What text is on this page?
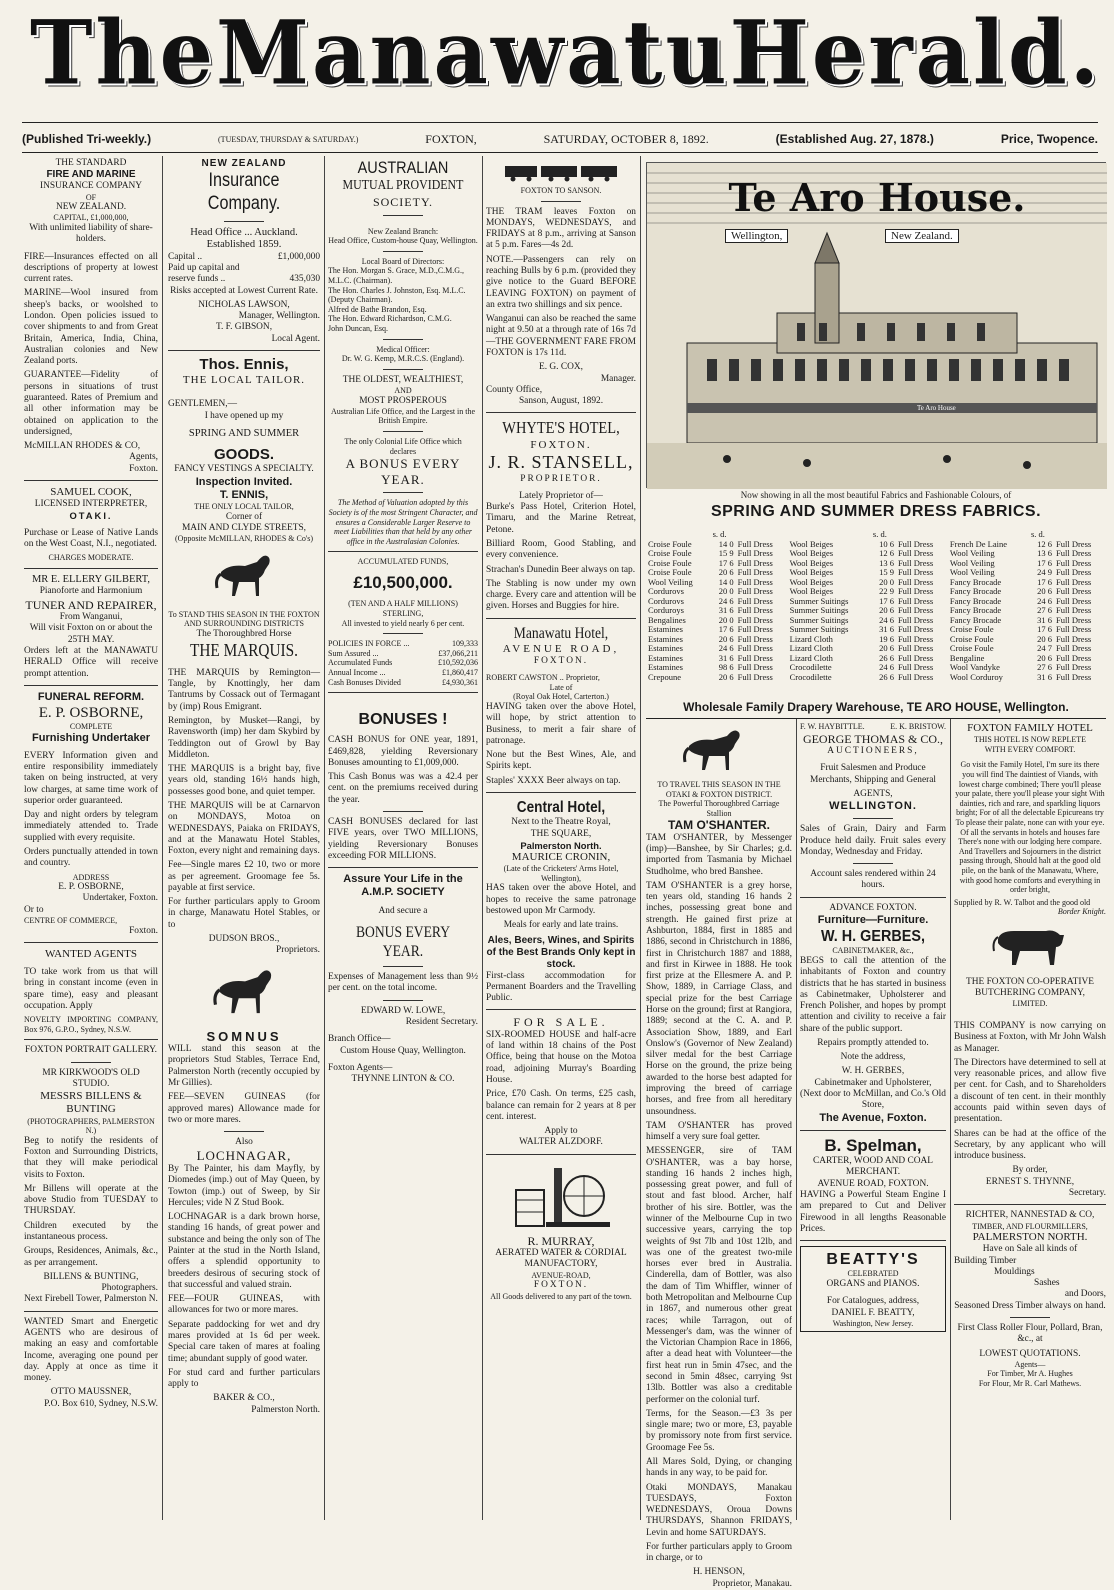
The Manawatu Herald.
(Published Tri-weekly.)	(TUESDAY, THURSDAY & SATURDAY.)	FOXTON,	SATURDAY, OCTOBER 8, 1892.	(Established Aug. 27, 1878.)	Price, Twopence.
THE STANDARD
FIRE AND MARINE
INSURANCE COMPANY
OF
NEW ZEALAND.
CAPITAL, £1,000,000,
With unlimited liability of share-holders.

FIRE—Insurances effected on all descriptions of property at lowest current rates.

MARINE—Wool insured from sheep's backs, or woolshed to London. Open policies issued to cover shipments to and from Great Britain, America, India, China, Australian colonies and New Zealand ports.

GUARANTEE—Fidelity of persons in situations of trust guaranteed. Rates of Premium and all other information may be obtained on application to the undersigned,

McMILLAN RHODES & CO,
Agents,
Foxton.
SAMUEL COOK,
LICENSED INTERPRETER,
OTAKI.

Purchase or Lease of Native Lands on the West Coast, N.I., negotiated.

CHARGES MODERATE.
MR E. ELLERY GILBERT,
Pianoforte and Harmonium
TUNER AND REPAIRER,
From Wanganui,
Will visit Foxton on or about the
25TH MAY.

Orders left at the MANAWATU HERALD Office will receive prompt attention.

FUNERAL REFORM.
E. P. OSBORNE,
COMPLETE
Furnishing Undertaker

EVERY Information given and entire responsibility immediately taken on being instructed, at very low charges, at same time work of superior order guaranteed.

Day and night orders by telegram immediately attended to. Trade supplied with every requisite.

Orders punctually attended in town and country.

ADDRESS
E. P. OSBORNE,
Undertaker, Foxton.
Or to
CENTRE OF COMMERCE,
Foxton.
WANTED AGENTS

TO take work from us that will bring in constant income (even in spare time), easy and pleasant occupation. Apply

NOVELTY IMPORTING COMPANY, Box 976, G.P.O., Sydney, N.S.W.

FOXTON PORTRAIT GALLERY.
MR KIRKWOOD'S OLD STUDIO.
MESSRS BILLENS & BUNTING
(PHOTOGRAPHERS, PALMERSTON N.)

Beg to notify the residents of Foxton and Surrounding Districts, that they will make periodical visits to Foxton.

Mr Billens will operate at the above Studio from TUESDAY to THURSDAY.

Children executed by the instantaneous process.

Groups, Residences, Animals, &c., as per arrangement.

BILLENS & BUNTING,
Photographers.
Next Firebell Tower, Palmerston N.

WANTED Smart and Energetic AGENTS who are desirous of making an easy and comfortable Income, averaging one pound per day. Apply at once as time it money.

OTTO MAUSSNER,
P.O. Box 610, Sydney, N.S.W.
NEW ZEALAND
Insurance Company.
Head Office ... Auckland.
Established 1859.
Capital ..	£1,000,000
Paid up capital and reserve funds ..	435,030

Risks accepted at Lowest Current Rate.

NICHOLAS LAWSON,
Manager, Wellington.
T. F. GIBSON,
Local Agent.
Thos. Ennis,
THE LOCAL TAILOR.
GENTLEMEN,—
I have opened up my
SPRING AND SUMMER
GOODS.
FANCY VESTINGS A SPECIALTY.
Inspection Invited.
T. ENNIS,
THE ONLY LOCAL TAILOR,
Corner of
MAIN AND CLYDE STREETS,
(Opposite McMILLAN, RHODES & Co's)
To STAND THIS SEASON IN THE FOXTON AND SURROUNDING DISTRICTS
The Thoroughbred Horse
THE MARQUIS.

THE MARQUIS by Remington—Tangle, by Knottingly, her dam Tantrums by Cossack out of Termagant by (imp) Rous Emigrant.

Remington, by Musket—Rangi, by Ravensworth (imp) her dam Skybird by Teddington out of Growl by Bay Middleton.

THE MARQUIS is a bright bay, five years old, standing 16½ hands high, possesses good bone, and quiet temper.

THE MARQUIS will be at Carnarvon on MONDAYS, Motoa on WEDNESDAYS, Paiaka on FRIDAYS, and at the Manawatu Hotel Stables, Foxton, every night and remaining days.

Fee—Single mares £2 10, two or more as per agreement. Groomage fee 5s. payable at first service.

For further particulars apply to Groom in charge, Manawatu Hotel Stables, or to

DUDSON BROS.,
Proprietors.
SOMNUS

WILL stand this season at the proprietors Stud Stables, Terrace End, Palmerston North (recently occupied by Mr Gillies).

FEE—SEVEN GUINEAS (for approved mares) Allowance made for two or more mares.

Also
LOCHNAGAR,

By The Painter, his dam Mayfly, by Diomedes (imp.) out of May Queen, by Towton (imp.) out of Sweep, by Sir Hercules; vide N Z Stud Book.

LOCHNAGAR is a dark brown horse, standing 16 hands, of great power and substance and being the only son of The Painter at the stud in the North Island, offers a splendid opportunity to breeders desirous of securing stock of that successful and valued strain.

FEE—FOUR GUINEAS, with allowances for two or more mares.

Separate paddocking for wet and dry mares provided at 1s 6d per week. Special care taken of mares at foaling time; abundant supply of good water.

For stud card and further particulars apply to

BAKER & CO.,
Palmerston North.
AUSTRALIAN
MUTUAL PROVIDENT
SOCIETY.
New Zealand Branch:
Head Office, Custom-house Quay, Wellington.
Local Board of Directors:
The Hon. Morgan S. Grace, M.D.,C.M.G., M.L.C. (Chairman).
The Hon. Charles J. Johnston, Esq. M.L.C. (Deputy Chairman).
Alfred de Bathe Brandon, Esq.
The Hon. Edward Richardson, C.M.G.
John Duncan, Esq.
Medical Officer:
Dr. W. G. Kemp, M.R.C.S. (England).
THE OLDEST, WEALTHIEST,
AND
MOST PROSPEROUS
Australian Life Office, and the Largest in the British Empire.
The only Colonial Life Office which
declares
A BONUS EVERY
YEAR.

The Method of Valuation adopted by this Society is of the most Stringent Character, and ensures a Considerable Larger Reserve to meet Liabilities than that held by any other office in the Australasian Colonies.

ACCUMULATED FUNDS,
£10,500,000.
(TEN AND A HALF MILLIONS)
STERLING,
All invested to yield nearly 6 per cent.
POLICIES IN FORCE ...	109,333
Sum Assured ...	£37,066,211
Accumulated Funds	£10,592,036
Annual Income ...	£1,860,417
Cash Bonuses Divided	£4,930,361
BONUSES !

CASH BONUS for ONE year, 1891, £469,828, yielding Reversionary Bonuses amounting to £1,009,000.

This Cash Bonus was was a 42.4 per cent. on the premiums received during the year.

CASH BONUSES declared for last FIVE years, over TWO MILLIONS, yielding Reversionary Bonuses exceeding FOR MILLIONS.

Assure Your Life in the
A.M.P. SOCIETY
And secure a
BONUS EVERY YEAR.

Expenses of Management less than 9½ per cent. on the total income.

EDWARD W. LOWE,
Resident Secretary.
Branch Office—
Custom House Quay, Wellington.
Foxton Agents—
THYNNE LINTON & CO.
FOXTON TO SANSON.

THE TRAM leaves Foxton on MONDAYS, WEDNESDAYS, and FRIDAYS at 8 p.m., arriving at Sanson at 5 p.m. Fares—4s 2d.

NOTE.—Passengers can rely on reaching Bulls by 6 p.m. (provided they give notice to the Guard BEFORE LEAVING FOXTON) on payment of an extra two shillings and six pence.

Wanganui can also be reached the same night at 9.50 at a through rate of 16s 7d—THE GOVERNMENT FARE FROM FOXTON is 17s 11d.

E. G. COX,
Manager.
County Office,
Sanson, August, 1892.
WHYTE'S HOTEL,
FOXTON.
J. R. STANSELL,
PROPRIETOR.
Lately Proprietor of—

Burke's Pass Hotel, Criterion Hotel, Timaru, and the Marine Retreat, Petone.

Billiard Room, Good Stabling, and every convenience.

Strachan's Dunedin Beer always on tap.

The Stabling is now under my own charge. Every care and attention will be given. Horses and Buggies for hire.

Manawatu Hotel,
AVENUE ROAD,
FOXTON.
ROBERT CAWSTON .. Proprietor,
Late of
(Royal Oak Hotel, Carterton.)

HAVING taken over the above Hotel, will hope, by strict attention to Business, to merit a fair share of patronage.

None but the Best Wines, Ale, and Spirits kept.

Staples' XXXX Beer always on tap.

Central Hotel,
Next to the Theatre Royal,
THE SQUARE,
Palmerston North.
MAURICE CRONIN,
(Late of the Cricketers' Arms Hotel, Wellington),

HAS taken over the above Hotel, and hopes to receive the same patronage bestowed upon Mr Carmody.

Meals for early and late trains.

Ales, Beers, Wines, and Spirits of the Best Brands Only kept in stock.

First-class accommodation for Permanent Boarders and the Travelling Public.

FOR SALE.

SIX-ROOMED HOUSE and half-acre of land within 18 chains of the Post Office, being that house on the Motoa road, adjoining Murray's Boarding House.

Price, £70 Cash. On terms, £25 cash, balance can remain for 2 years at 8 per cent. interest.

Apply to
WALTER ALZDORF.
R. MURRAY,
AERATED WATER & CORDIAL MANUFACTORY,
AVENUE-ROAD,
FOXTON.
All Goods delivered to any part of the town.
Te Aro House.
Wellington,	New Zealand.
Te Aro House
Now showing in all the most beautiful Fabrics and Fashionable Colours, of
SPRING AND SUMMER DRESS FABRICS.
	s. d.			s. d.			s. d.	
Croise Foule	14 0	Full Dress	Wool Beiges	10 6	Full Dress	French De Laine	12 6	Full Dress
Croise Foule	15 9	Full Dress	Wool Beiges	12 6	Full Dress	Wool Veiling	13 6	Full Dress
Croise Foule	17 6	Full Dress	Wool Beiges	13 6	Full Dress	Wool Veiling	17 6	Full Dress
Croise Foule	20 6	Full Dress	Wool Beiges	15 9	Full Dress	Wool Veiling	24 9	Full Dress
Wool Veiling	14 0	Full Dress	Wool Beiges	20 0	Full Dress	Fancy Brocade	17 6	Full Dress
Cordurovs	20 0	Full Dress	Wool Beiges	22 9	Full Dress	Fancy Brocade	20 6	Full Dress
Cordurovs	24 6	Full Dress	Summer Suitings	17 6	Full Dress	Fancy Brocade	24 6	Full Dress
Corduroys	31 6	Full Dress	Summer Suitings	20 6	Full Dress	Fancy Brocade	27 6	Full Dress
Bengalines	20 0	Full Dress	Summer Suitings	24 6	Full Dress	Fancy Brocade	31 6	Full Dress
Estamines	17 6	Full Dress	Summer Suitings	31 6	Full Dress	Croise Foule	17 6	Full Dress
Estamines	20 6	Full Dress	Lizard Cloth	19 6	Full Dress	Croise Foule	20 6	Full Dress
Estamines	24 6	Full Dress	Lizard Cloth	20 6	Full Dress	Croise Foule	24 7	Full Dress
Estamines	31 6	Full Dress	Lizard Cloth	26 6	Full Dress	Bengaline	20 6	Full Dress
Estamines	98 6	Full Dress	Crocodilette	24 6	Full Dress	Wool Vandyke	27 6	Full Dress
Crepoune	20 6	Full Dress	Crocodilette	26 6	Full Dress	Wool Corduroy	31 6	Full Dress
Wholesale Family Drapery Warehouse, TE ARO HOUSE, Wellington.
TO TRAVEL THIS SEASON IN THE OTAKI & FOXTON DISTRICT.
The Powerful Thoroughbred Carriage Stallion
TAM O'SHANTER.

TAM O'SHANTER, by Messenger (imp)—Banshee, by Sir Charles; g.d. imported from Tasmania by Michael Studholme, who bred Banshee.

TAM O'SHANTER is a grey horse, ten years old, standing 16 hands 2 inches, possessing great bone and strength. He gained first prize at Ashburton, 1884, first in 1885 and 1886, second in Christchurch in 1886, first in Christchurch 1887 and 1888, and first in Kirwee in 1888. He took first prize at the Ellesmere A. and P. Show, 1889, in Carriage Class, and special prize for the best Carriage Horse on the ground; first at Rangiora, 1889; second at the C. A. and P. Association Show, 1889, and Earl Onslow's (Governor of New Zealand) silver medal for the best Carriage Horse on the ground, the prize being awarded to the horse best adapted for improving the breed of carriage horses, and free from all hereditary unsoundness.

TAM O'SHANTER has proved himself a very sure foal getter.

MESSENGER, sire of TAM O'SHANTER, was a bay horse, standing 16 hands 2 inches high, possessing great power, and full of stout and fast blood. Archer, half brother of his sire. Bottler, was the winner of the Melbourne Cup in two successive years, carrying the top weights of 9st 7lb and 10st 12lb, and was one of the greatest two-mile horses ever bred in Australia. Cinderella, dam of Bottler, was also the dam of Tim Whiffler, winner of both Metropolitan and Melbourne Cup in 1867, and numerous other great races; while Tarragon, out of Messenger's dam, was the winner of the Victorian Champion Race in 1866, after a dead heat with Volunteer—the first heat run in 5min 47sec, and the second in 5min 48sec, carrying 9st 13lb. Bottler was also a creditable performer on the colonial turf.

Terms, for the Season.—£3 3s per single mare; two or more, £3, payable by promissory note from first service. Groomage Fee 5s.

All Mares Sold, Dying, or changing hands in any way, to be paid for.

Otaki MONDAYS, Manakau TUESDAYS, Foxton WEDNESDAYS, Oroua Downs THURSDAYS, Shannon FRIDAYS, Levin and home SATURDAYS.

For further particulars apply to Groom in charge, or to

H. HENSON,
Proprietor, Manakau.
F. W. HAYBITTLE.	E. K. BRISTOW.
GEORGE THOMAS & CO.,
AUCTIONEERS,

Fruit Salesmen and Produce Merchants, Shipping and General

AGENTS,
WELLINGTON.

Sales of Grain, Dairy and Farm Produce held daily. Fruit sales every Monday, Wednesday and Friday.

Account sales rendered within 24 hours.

ADVANCE FOXTON.
Furniture—Furniture.
W. H. GERBES,
CABINETMAKER, &c.,

BEGS to call the attention of the inhabitants of Foxton and country districts that he has started in business as Cabinetmaker, Upholsterer and French Polisher, and hopes by prompt attention and civility to receive a fair share of the public support.

Repairs promptly attended to.

Note the address,

W. H. GERBES,
Cabinetmaker and Upholsterer,
(Next door to McMillan, and Co.'s Old Store,
The Avenue, Foxton.
B. Spelman,
CARTER, WOOD AND COAL MERCHANT.
AVENUE ROAD, FOXTON.

HAVING a Powerful Steam Engine I am prepared to Cut and Deliver Firewood in all lengths Reasonable Prices.

BEATTY'S
CELEBRATED
ORGANS and PIANOS.
For Catalogues, address,
DANIEL F. BEATTY,
Washington, New Jersey.
FOXTON FAMILY HOTEL
THIS HOTEL IS NOW REPLETE
WITH EVERY COMFORT.

Go visit the Family Hotel, I'm sure its there you will find The daintiest of Viands, with lowest charge combined; There you'll please your palate, there you'll please your sight With dainties, rich and rare, and sparkling liquors bright; For of all the delectable Epicureans try To please their palate, none can with your eye. Of all the servants in hotels and houses fare There's none with our lodging here compare. And Travellers and Sojourners in the district passing through, Should halt at the good old pile, on the bank of the Manawatu, Where, with good home comforts and everything in order bright,

Supplied by R. W. Talbot and the good old
Border Knight.
THE FOXTON CO-OPERATIVE
BUTCHERING COMPANY,
LIMITED.

THIS COMPANY is now carrying on Business at Foxton, with Mr John Walsh as Manager.

The Directors have determined to sell at very reasonable prices, and allow five per cent. for Cash, and to Shareholders a discount of ten cent. in their monthly accounts paid within seven days of presentation.

Shares can be had at the office of the Secretary, by any applicant who will introduce business.

By order,
ERNEST S. THYNNE,
Secretary.
RICHTER, NANNESTAD & CO,
TIMBER, AND FLOURMILLERS,
PALMERSTON NORTH.
Have on Sale all kinds of
Building Timber
Mouldings
Sashes
and Doors,

Seasoned Dress Timber always on hand.

First Class Roller Flour, Pollard, Bran, &c., at

LOWEST QUOTATIONS.
Agents—
For Timber, Mr A. Hughes
For Flour, Mr R. Carl Mathews.
